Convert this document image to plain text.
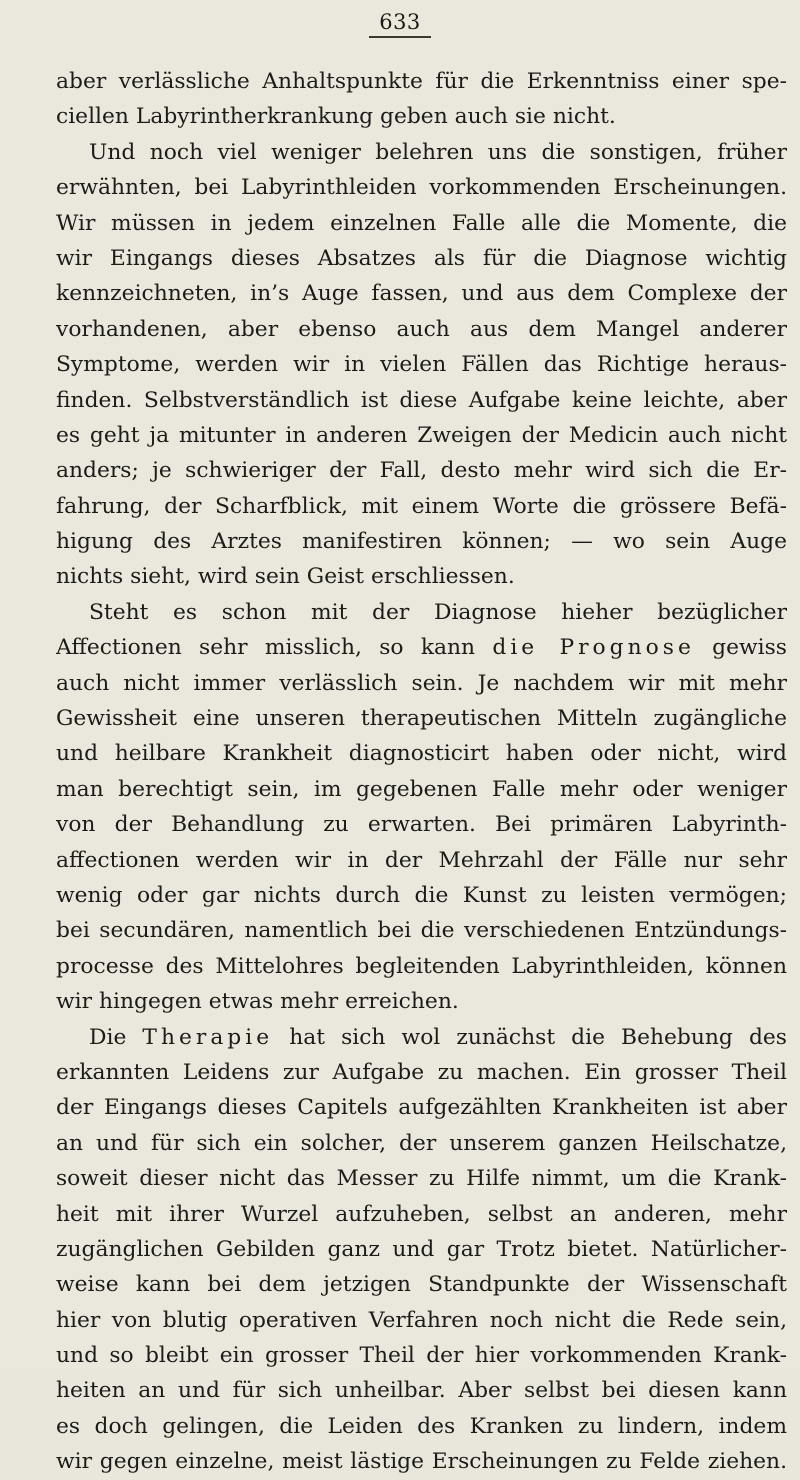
633
aber verlässliche Anhaltspunkte für die Erkenntniss einer spe-
ciellen Labyrintherkrankung geben auch sie nicht.
Und noch viel weniger belehren uns die sonstigen, früher
erwähnten, bei Labyrinthleiden vorkommenden Erscheinungen.
Wir müssen in jedem einzelnen Falle alle die Momente, die
wir Eingangs dieses Absatzes als für die Diagnose wichtig
kennzeichneten, in’s Auge fassen, und aus dem Complexe der
vorhandenen, aber ebenso auch aus dem Mangel anderer
Symptome, werden wir in vielen Fällen das Richtige heraus-
finden. Selbstverständlich ist diese Aufgabe keine leichte, aber
es geht ja mitunter in anderen Zweigen der Medicin auch nicht
anders; je schwieriger der Fall, desto mehr wird sich die Er-
fahrung, der Scharfblick, mit einem Worte die grössere Befä-
higung des Arztes manifestiren können; — wo sein Auge
nichts sieht, wird sein Geist erschliessen.
Steht es schon mit der Diagnose hieher bezüglicher
Affectionen sehr misslich, so kann die Prognose gewiss
auch nicht immer verlässlich sein. Je nachdem wir mit mehr
Gewissheit eine unseren therapeutischen Mitteln zugängliche
und heilbare Krankheit diagnosticirt haben oder nicht, wird
man berechtigt sein, im gegebenen Falle mehr oder weniger
von der Behandlung zu erwarten. Bei primären Labyrinth-
affectionen werden wir in der Mehrzahl der Fälle nur sehr
wenig oder gar nichts durch die Kunst zu leisten vermögen;
bei secundären, namentlich bei die verschiedenen Entzündungs-
processe des Mittelohres begleitenden Labyrinthleiden, können
wir hingegen etwas mehr erreichen.
Die Therapie hat sich wol zunächst die Behebung des
erkannten Leidens zur Aufgabe zu machen. Ein grosser Theil
der Eingangs dieses Capitels aufgezählten Krankheiten ist aber
an und für sich ein solcher, der unserem ganzen Heilschatze,
soweit dieser nicht das Messer zu Hilfe nimmt, um die Krank-
heit mit ihrer Wurzel aufzuheben, selbst an anderen, mehr
zugänglichen Gebilden ganz und gar Trotz bietet. Natürlicher-
weise kann bei dem jetzigen Standpunkte der Wissenschaft
hier von blutig operativen Verfahren noch nicht die Rede sein,
und so bleibt ein grosser Theil der hier vorkommenden Krank-
heiten an und für sich unheilbar. Aber selbst bei diesen kann
es doch gelingen, die Leiden des Kranken zu lindern, indem
wir gegen einzelne, meist lästige Erscheinungen zu Felde ziehen.
